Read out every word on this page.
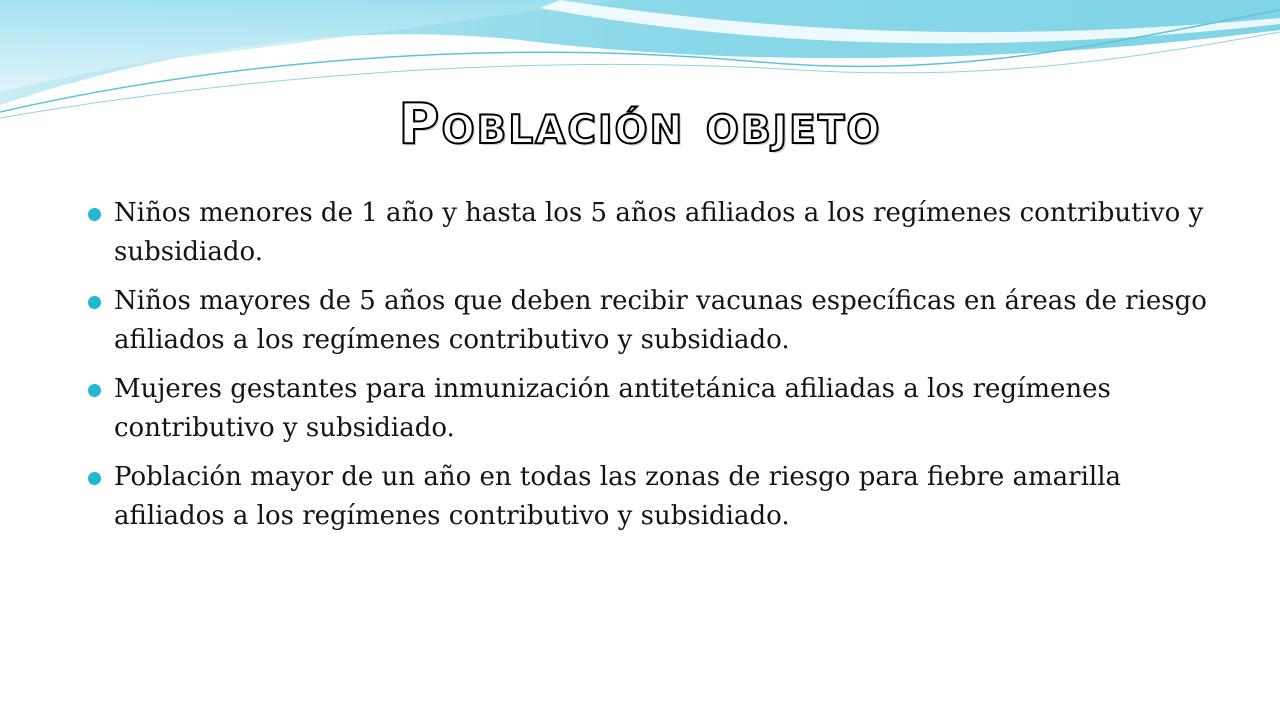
Población objeto
Niños menores de 1 año y hasta los 5 años afiliados a los regímenes contributivo y subsidiado.
Niños mayores de 5 años que deben recibir vacunas específicas en áreas de riesgo afiliados a los regímenes contributivo y subsidiado.
Mujeres gestantes para inmunización antitetánica afiliadas a los regímenes contributivo y subsidiado.
Población mayor de un año en todas las zonas de riesgo para fiebre amarilla afiliados a los regímenes contributivo y subsidiado.
